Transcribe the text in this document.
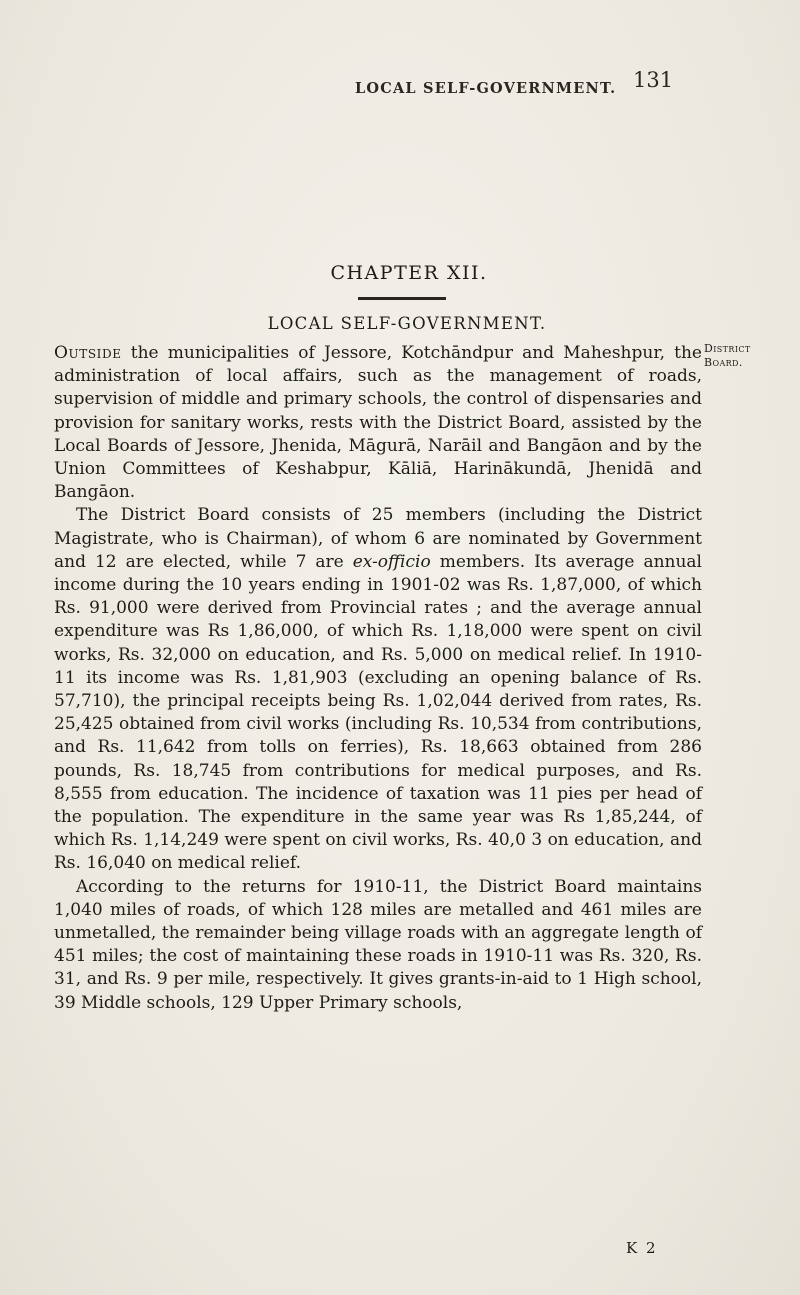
LOCAL SELF-GOVERNMENT. 131
CHAPTER XII.
LOCAL SELF-GOVERNMENT.
District
Board.

Outside the municipalities of Jessore, Kotchāndpur and Maheshpur, the administration of local affairs, such as the management of roads, supervision of middle and primary schools, the control of dispensaries and provision for sanitary works, rests with the District Board, assisted by the Local Boards of Jessore, Jhenida, Māgurā, Narāil and Bangāon and by the Union Committees of Keshabpur, Kāliā, Harinākundā, Jhenidā and Bangāon.

The District Board consists of 25 members (including the District Magistrate, who is Chairman), of whom 6 are nominated by Government and 12 are elected, while 7 are ex-officio members. Its average annual income during the 10 years ending in 1901-02 was Rs. 1,87,000, of which Rs. 91,000 were derived from Provincial rates ; and the average annual expenditure was Rs 1,86,000, of which Rs. 1,18,000 were spent on civil works, Rs. 32,000 on education, and Rs. 5,000 on medical relief. In 1910-11 its income was Rs. 1,81,903 (excluding an opening balance of Rs. 57,710), the principal receipts being Rs. 1,02,044 derived from rates, Rs. 25,425 obtained from civil works (including Rs. 10,534 from contributions, and Rs. 11,642 from tolls on ferries), Rs. 18,663 obtained from 286 pounds, Rs. 18,745 from contributions for medical purposes, and Rs. 8,555 from education. The incidence of taxation was 11 pies per head of the population. The expenditure in the same year was Rs 1,85,244, of which Rs. 1,14,249 were spent on civil works, Rs. 40,0 3 on education, and Rs. 16,040 on medical relief.

According to the returns for 1910-11, the District Board maintains 1,040 miles of roads, of which 128 miles are metalled and 461 miles are unmetalled, the remainder being village roads with an aggregate length of 451 miles; the cost of maintaining these roads in 1910-11 was Rs. 320, Rs. 31, and Rs. 9 per mile, respectively. It gives grants-in-aid to 1 High school, 39 Middle schools, 129 Upper Primary schools,

K 2
